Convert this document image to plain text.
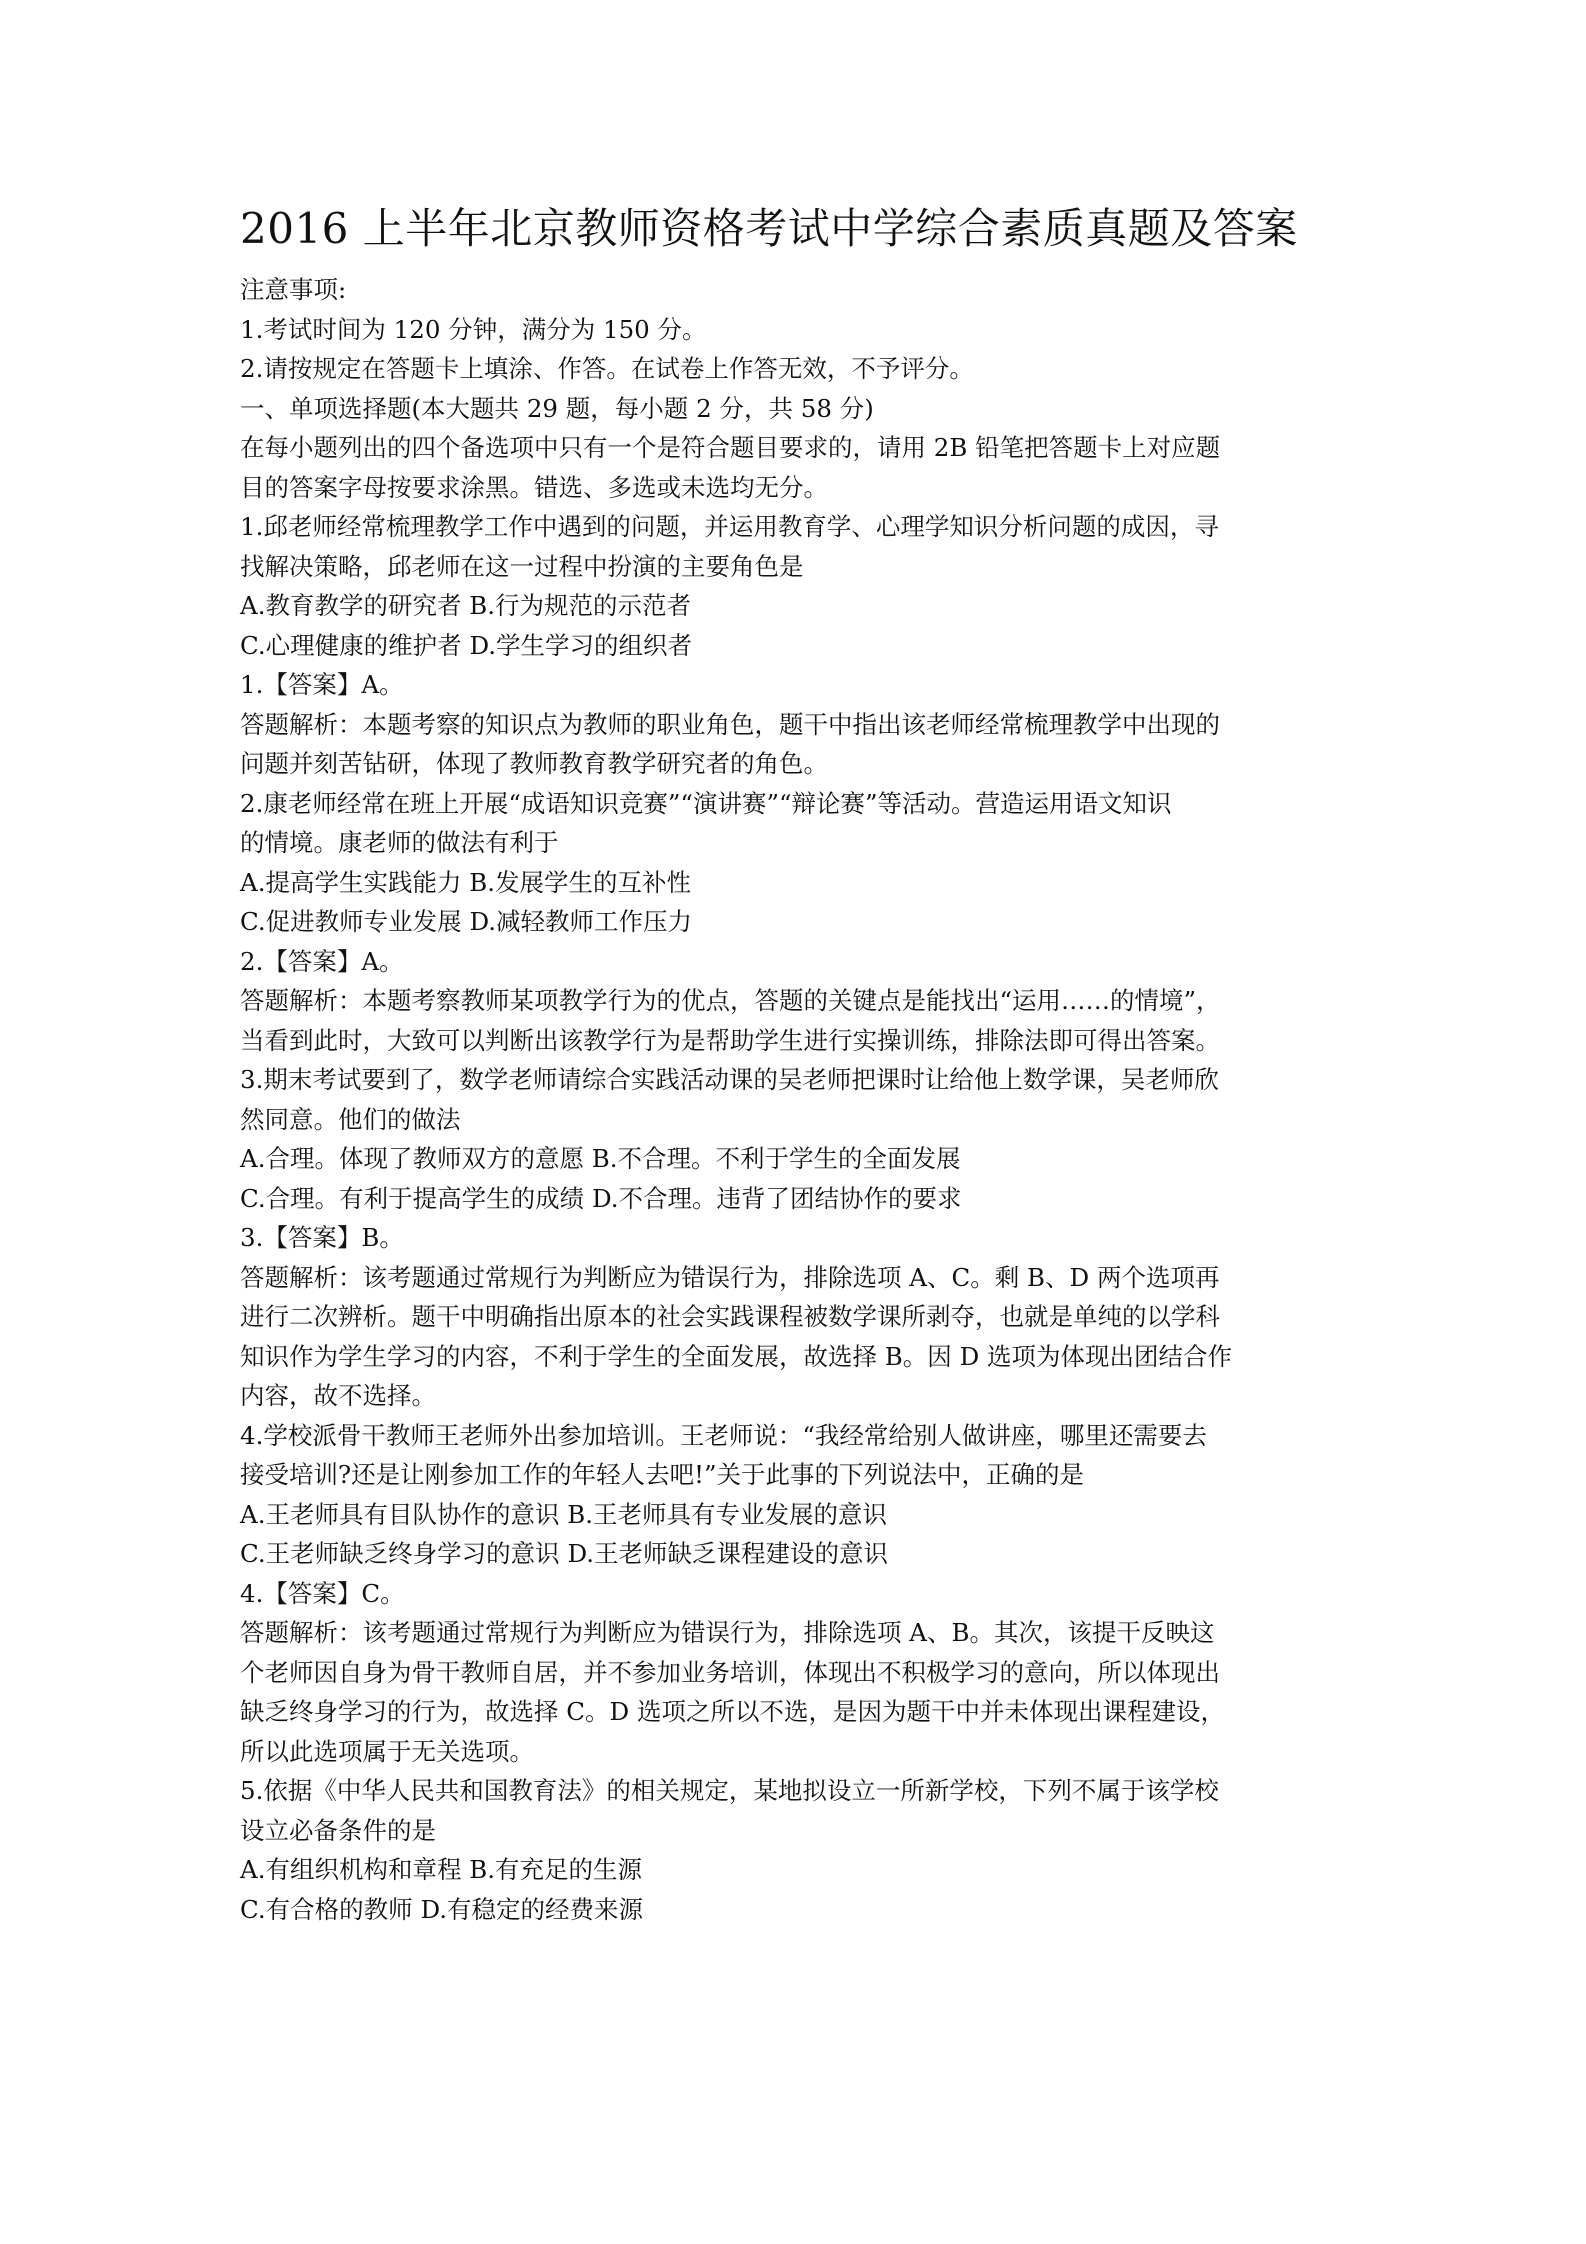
2016 上半年北京教师资格考试中学综合素质真题及答案
注意事项:
1.考试时间为 120 分钟，满分为 150 分。
2.请按规定在答题卡上填涂、作答。在试卷上作答无效，不予评分。
一、单项选择题(本大题共 29 题，每小题 2 分，共 58 分)
在每小题列出的四个备选项中只有一个是符合题目要求的，请用 2B 铅笔把答题卡上对应题
目的答案字母按要求涂黑。错选、多选或未选均无分。
1.邱老师经常梳理教学工作中遇到的问题，并运用教育学、心理学知识分析问题的成因，寻
找解决策略，邱老师在这一过程中扮演的主要角色是
A.教育教学的研究者 B.行为规范的示范者
C.心理健康的维护者 D.学生学习的组织者
1.【答案】A。
答题解析：本题考察的知识点为教师的职业角色，题干中指出该老师经常梳理教学中出现的
问题并刻苦钻研，体现了教师教育教学研究者的角色。
2.康老师经常在班上开展“成语知识竞赛”“演讲赛”“辩论赛”等活动。营造运用语文知识
的情境。康老师的做法有利于
A.提高学生实践能力 B.发展学生的互补性
C.促进教师专业发展 D.减轻教师工作压力
2.【答案】A。
答题解析：本题考察教师某项教学行为的优点，答题的关键点是能找出“运用……的情境”，
当看到此时，大致可以判断出该教学行为是帮助学生进行实操训练，排除法即可得出答案。
3.期末考试要到了，数学老师请综合实践活动课的吴老师把课时让给他上数学课，吴老师欣
然同意。他们的做法
A.合理。体现了教师双方的意愿 B.不合理。不利于学生的全面发展
C.合理。有利于提高学生的成绩 D.不合理。违背了团结协作的要求
3.【答案】B。
答题解析：该考题通过常规行为判断应为错误行为，排除选项 A、C。剩 B、D 两个选项再
进行二次辨析。题干中明确指出原本的社会实践课程被数学课所剥夺，也就是单纯的以学科
知识作为学生学习的内容，不利于学生的全面发展，故选择 B。因 D 选项为体现出团结合作
内容，故不选择。
4.学校派骨干教师王老师外出参加培训。王老师说：“我经常给别人做讲座，哪里还需要去
接受培训?还是让刚参加工作的年轻人去吧!”关于此事的下列说法中，正确的是
A.王老师具有目队协作的意识 B.王老师具有专业发展的意识
C.王老师缺乏终身学习的意识 D.王老师缺乏课程建设的意识
4.【答案】C。
答题解析：该考题通过常规行为判断应为错误行为，排除选项 A、B。其次，该提干反映这
个老师因自身为骨干教师自居，并不参加业务培训，体现出不积极学习的意向，所以体现出
缺乏终身学习的行为，故选择 C。D 选项之所以不选，是因为题干中并未体现出课程建设，
所以此选项属于无关选项。
5.依据《中华人民共和国教育法》的相关规定，某地拟设立一所新学校，下列不属于该学校
设立必备条件的是
A.有组织机构和章程 B.有充足的生源
C.有合格的教师 D.有稳定的经费来源
